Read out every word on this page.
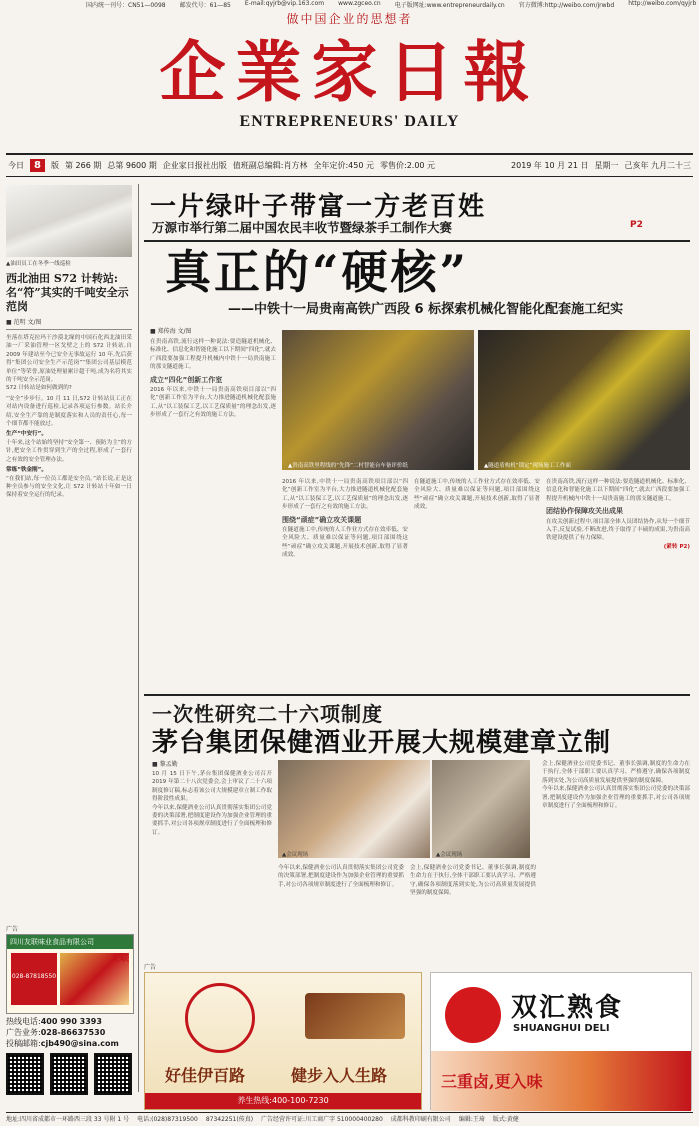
国内统一刊号：CN51—0098 邮发代号：61—85 E-mail:qyjrb@vip.163.com www.zgceo.cn 电子版网址:www.entrepreneurdaily.cn 官方微博:http://weibo.com/jrwbd http://weibo.com/qyjrb
做中国企业的思想者
企業家日報
ENTREPRENEURS' DAILY
今日	8	版 第 266 期 总第 9600 期 企业家日报社出版 值班副总编辑:肖方林 全年定价:450 元 零售价:2.00 元	2019 年 10 月 21 日 星期一 己亥年 九月二十三
▲油田员工在冬季一线巡检
西北油田 S72 计转站:名“符”其实的千吨安全示范岗
■ 范明 文/图

坐落在塔克拉玛干沙漠北缘的中国石化西北油田采油一厂采油管理一区戈壁之上的 S72 计转站,自 2009 年建站至今已安全无事故运行 10 年,先后获得“集团公司安全生产示范岗”“集团公司基层模范单位”等荣誉,原油处理量累计超千吨,成为名符其实的千吨安全示范岗。

S72 计转站是如何做到的?

“安全”步步行。10 月 11 日,S72 计转站员工正在对站内设备进行巡检,记录各项运行参数。站长介绍,安全生产靠的是制度落实和人员的责任心,每一个细节都不能放过。

生产“中安行”。

十年来,这个站始终坚持“安全第一、预防为主”的方针,把安全工作贯穿到生产的全过程,形成了一套行之有效的安全管理办法。

常练“铁金刚”。

“在我们站,每一位员工都是安全员。”站长说,正是这种全员参与的安全文化,让 S72 计转站十年如一日保持着安全运行的纪录。

广告
四川友联味业食品有限公司
028-87818550
友联
热线电话:400 990 3393
广告业务:028-86637530
投稿邮箱:cjb490@sina.com
一片绿叶子带富一方老百姓
万源市举行第二届中国农民丰收节暨绿茶手工制作大赛	P2
真正的“硬核”
——中铁十一局贵南高铁广西段 6 标探索机械化智能化配套施工纪实
■ 郑传海 文/图

在贵南高铁,流行这样一种说法:要造隧道机械化、标准化、信息化和智能化施工以下期间“四化”,就去广西段要加强工程提升机械内中铁十一局贵南施工的那支隧道施工。

成立“四化”创新工作室

2016 年以来,中铁十一局贵南高铁项目部以“四化”创新工作室为平台,大力推进隧道机械化配套施工,从“以工装保工艺,以工艺保质量”的理念出发,逐步形成了一套行之有效的施工方法。

▲贵南高铁里程线的“先锋”二村智能台车备评价纸	▲隧道盾构机“锁定”现场施工工作面

2016 年以来,中铁十一局贵南高铁项目部以“四化”创新工作室为平台,大力推进隧道机械化配套施工,从“以工装保工艺,以工艺保质量”的理念出发,逐步形成了一套行之有效的施工方法。

围绕“顽症”确立攻关课题

在隧道施工中,传统的人工作业方式存在效率低、安全风险大、质量难以保证等问题,项目部围绕这些“顽症”确立攻关课题,开展技术创新,取得了显著成效。

在隧道施工中,传统的人工作业方式存在效率低、安全风险大、质量难以保证等问题,项目部围绕这些“顽症”确立攻关课题,开展技术创新,取得了显著成效。

在贵南高铁,流行这样一种说法:要造隧道机械化、标准化、信息化和智能化施工以下期间“四化”,就去广西段要加强工程提升机械内中铁十一局贵南施工的那支隧道施工。

团结协作保障攻关出成果

在攻关创新过程中,项目部全体人员团结协作,从每一个细节入手,反复试验,不断改进,终于取得了丰硕的成果,为贵南高铁建设提供了有力保障。

(紧转 P2)
一次性研究二十六项制度
茅台集团保健酒业开展大规模建章立制
■ 黎孟勤
▲会议现场	▲会议现场

10 月 15 日下午,茅台集团保健酒业公司召开 2019 年第二十八次党委会,会上审议了二十六项制度修订稿,标志着该公司大规模建章立制工作取得阶段性成果。

今年以来,保健酒业公司认真贯彻落实集团公司党委的决策部署,把制度建设作为加强企业管理的重要抓手,对公司各项规章制度进行了全面梳理和修订。

今年以来,保健酒业公司认真贯彻落实集团公司党委的决策部署,把制度建设作为加强企业管理的重要抓手,对公司各项规章制度进行了全面梳理和修订。

会上,保健酒业公司党委书记、董事长强调,制度的生命力在于执行,全体干部职工要认真学习、严格遵守,确保各项制度落到实处,为公司高质量发展提供坚强的制度保障。

会上,保健酒业公司党委书记、董事长强调,制度的生命力在于执行,全体干部职工要认真学习、严格遵守,确保各项制度落到实处,为公司高质量发展提供坚强的制度保障。

今年以来,保健酒业公司认真贯彻落实集团公司党委的决策部署,把制度建设作为加强企业管理的重要抓手,对公司各项规章制度进行了全面梳理和修订。

广告
好佳伊百路	健步入人生路
养生热线:400-100-7230
双汇熟食
SHUANGHUI DELI
三重卤,更入味
地址:四川省成都市一环路西三段 33 号附 1 号 电话:(028)87319500 87342251(传真) 广告经营许可证:川工商广字 510000400280 成都科教印刷有限公司 编辑:王琦 版式:黄健
